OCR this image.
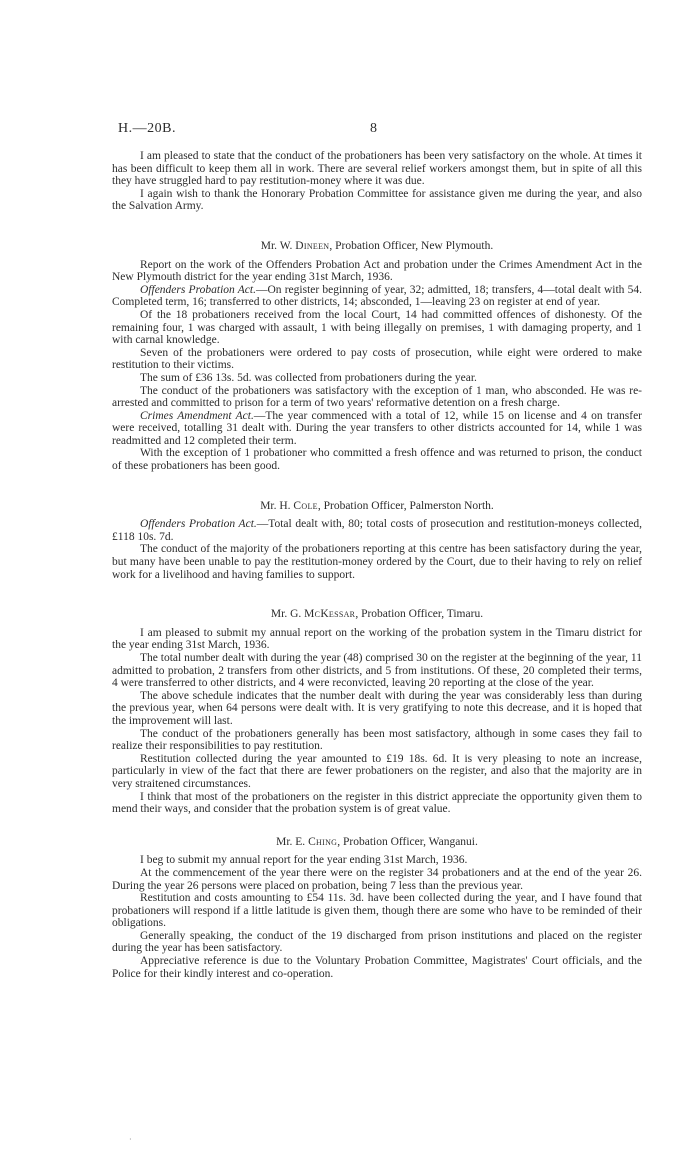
H.—20B.	8

I am pleased to state that the conduct of the probationers has been very satisfactory on the whole. At times it has been difficult to keep them all in work. There are several relief workers amongst them, but in spite of all this they have struggled hard to pay restitution-money where it was due.

I again wish to thank the Honorary Probation Committee for assistance given me during the year, and also the Salvation Army.

Mr. W. Dineen, Probation Officer, New Plymouth.

Report on the work of the Offenders Probation Act and probation under the Crimes Amendment Act in the New Plymouth district for the year ending 31st March, 1936.

Offenders Probation Act.—On register beginning of year, 32; admitted, 18; transfers, 4—total dealt with 54. Completed term, 16; transferred to other districts, 14; absconded, 1—leaving 23 on register at end of year.

Of the 18 probationers received from the local Court, 14 had committed offences of dishonesty. Of the remaining four, 1 was charged with assault, 1 with being illegally on premises, 1 with damaging property, and 1 with carnal knowledge.

Seven of the probationers were ordered to pay costs of prosecution, while eight were ordered to make restitution to their victims.

The sum of £36 13s. 5d. was collected from probationers during the year.

The conduct of the probationers was satisfactory with the exception of 1 man, who absconded. He was re-arrested and committed to prison for a term of two years' reformative detention on a fresh charge.

Crimes Amendment Act.—The year commenced with a total of 12, while 15 on license and 4 on transfer were received, totalling 31 dealt with. During the year transfers to other districts accounted for 14, while 1 was readmitted and 12 completed their term.

With the exception of 1 probationer who committed a fresh offence and was returned to prison, the conduct of these probationers has been good.

Mr. H. Cole, Probation Officer, Palmerston North.

Offenders Probation Act.—Total dealt with, 80; total costs of prosecution and restitution-moneys collected, £118 10s. 7d.

The conduct of the majority of the probationers reporting at this centre has been satisfactory during the year, but many have been unable to pay the restitution-money ordered by the Court, due to their having to rely on relief work for a livelihood and having families to support.

Mr. G. McKessar, Probation Officer, Timaru.

I am pleased to submit my annual report on the working of the probation system in the Timaru district for the year ending 31st March, 1936.

The total number dealt with during the year (48) comprised 30 on the register at the beginning of the year, 11 admitted to probation, 2 transfers from other districts, and 5 from institutions. Of these, 20 completed their terms, 4 were transferred to other districts, and 4 were reconvicted, leaving 20 reporting at the close of the year.

The above schedule indicates that the number dealt with during the year was considerably less than during the previous year, when 64 persons were dealt with. It is very gratifying to note this decrease, and it is hoped that the improvement will last.

The conduct of the probationers generally has been most satisfactory, although in some cases they fail to realize their responsibilities to pay restitution.

Restitution collected during the year amounted to £19 18s. 6d. It is very pleasing to note an increase, particularly in view of the fact that there are fewer probationers on the register, and also that the majority are in very straitened circumstances.

I think that most of the probationers on the register in this district appreciate the opportunity given them to mend their ways, and consider that the probation system is of great value.

Mr. E. Ching, Probation Officer, Wanganui.

I beg to submit my annual report for the year ending 31st March, 1936.

At the commencement of the year there were on the register 34 probationers and at the end of the year 26. During the year 26 persons were placed on probation, being 7 less than the previous year.

Restitution and costs amounting to £54 11s. 3d. have been collected during the year, and I have found that probationers will respond if a little latitude is given them, though there are some who have to be reminded of their obligations.

Generally speaking, the conduct of the 19 discharged from prison institutions and placed on the register during the year has been satisfactory.

Appreciative reference is due to the Voluntary Probation Committee, Magistrates' Court officials, and the Police for their kindly interest and co-operation.

·
